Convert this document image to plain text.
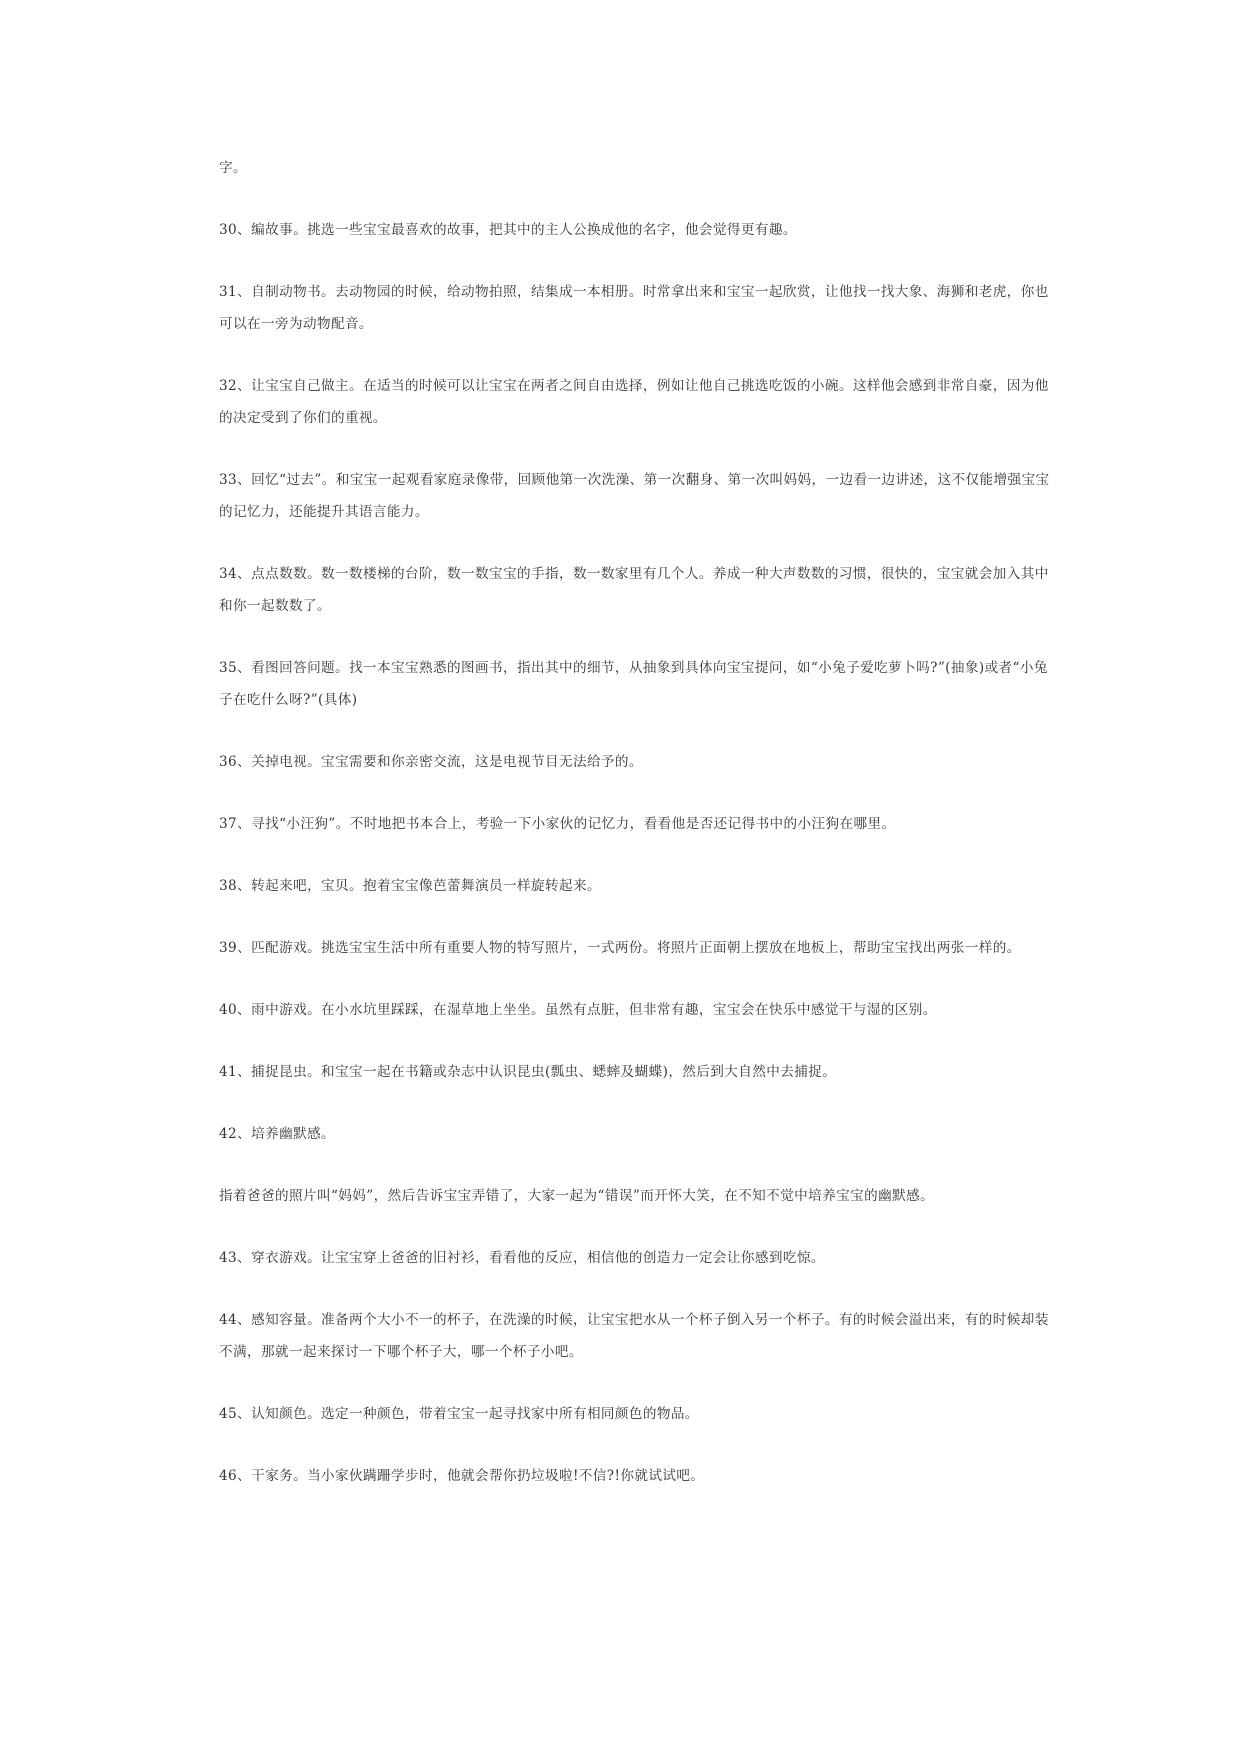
字。

30、编故事。挑选一些宝宝最喜欢的故事，把其中的主人公换成他的名字，他会觉得更有趣。

31、自制动物书。去动物园的时候，给动物拍照，结集成一本相册。时常拿出来和宝宝一起欣赏，让他找一找大象、海狮和老虎，你也可以在一旁为动物配音。

32、让宝宝自己做主。在适当的时候可以让宝宝在两者之间自由选择，例如让他自己挑选吃饭的小碗。这样他会感到非常自豪，因为他的决定受到了你们的重视。

33、回忆“过去”。和宝宝一起观看家庭录像带，回顾他第一次洗澡、第一次翻身、第一次叫妈妈，一边看一边讲述，这不仅能增强宝宝的记忆力，还能提升其语言能力。

34、点点数数。数一数楼梯的台阶，数一数宝宝的手指，数一数家里有几个人。养成一种大声数数的习惯，很快的，宝宝就会加入其中和你一起数数了。

35、看图回答问题。找一本宝宝熟悉的图画书，指出其中的细节，从抽象到具体向宝宝提问，如“小兔子爱吃萝卜吗?”(抽象)或者“小兔子在吃什么呀?”(具体)

36、关掉电视。宝宝需要和你亲密交流，这是电视节目无法给予的。

37、寻找“小汪狗”。不时地把书本合上，考验一下小家伙的记忆力，看看他是否还记得书中的小汪狗在哪里。

38、转起来吧，宝贝。抱着宝宝像芭蕾舞演员一样旋转起来。

39、匹配游戏。挑选宝宝生活中所有重要人物的特写照片，一式两份。将照片正面朝上摆放在地板上，帮助宝宝找出两张一样的。

40、雨中游戏。在小水坑里踩踩，在湿草地上坐坐。虽然有点脏，但非常有趣，宝宝会在快乐中感觉干与湿的区别。

41、捕捉昆虫。和宝宝一起在书籍或杂志中认识昆虫(瓢虫、蟋蟀及蝴蝶)，然后到大自然中去捕捉。

42、培养幽默感。

指着爸爸的照片叫“妈妈”，然后告诉宝宝弄错了，大家一起为“错误”而开怀大笑，在不知不觉中培养宝宝的幽默感。

43、穿衣游戏。让宝宝穿上爸爸的旧衬衫，看看他的反应，相信他的创造力一定会让你感到吃惊。

44、感知容量。准备两个大小不一的杯子，在洗澡的时候，让宝宝把水从一个杯子倒入另一个杯子。有的时候会溢出来，有的时候却装不满，那就一起来探讨一下哪个杯子大，哪一个杯子小吧。

45、认知颜色。选定一种颜色，带着宝宝一起寻找家中所有相同颜色的物品。

46、干家务。当小家伙蹒跚学步时，他就会帮你扔垃圾啦!不信?!你就试试吧。
